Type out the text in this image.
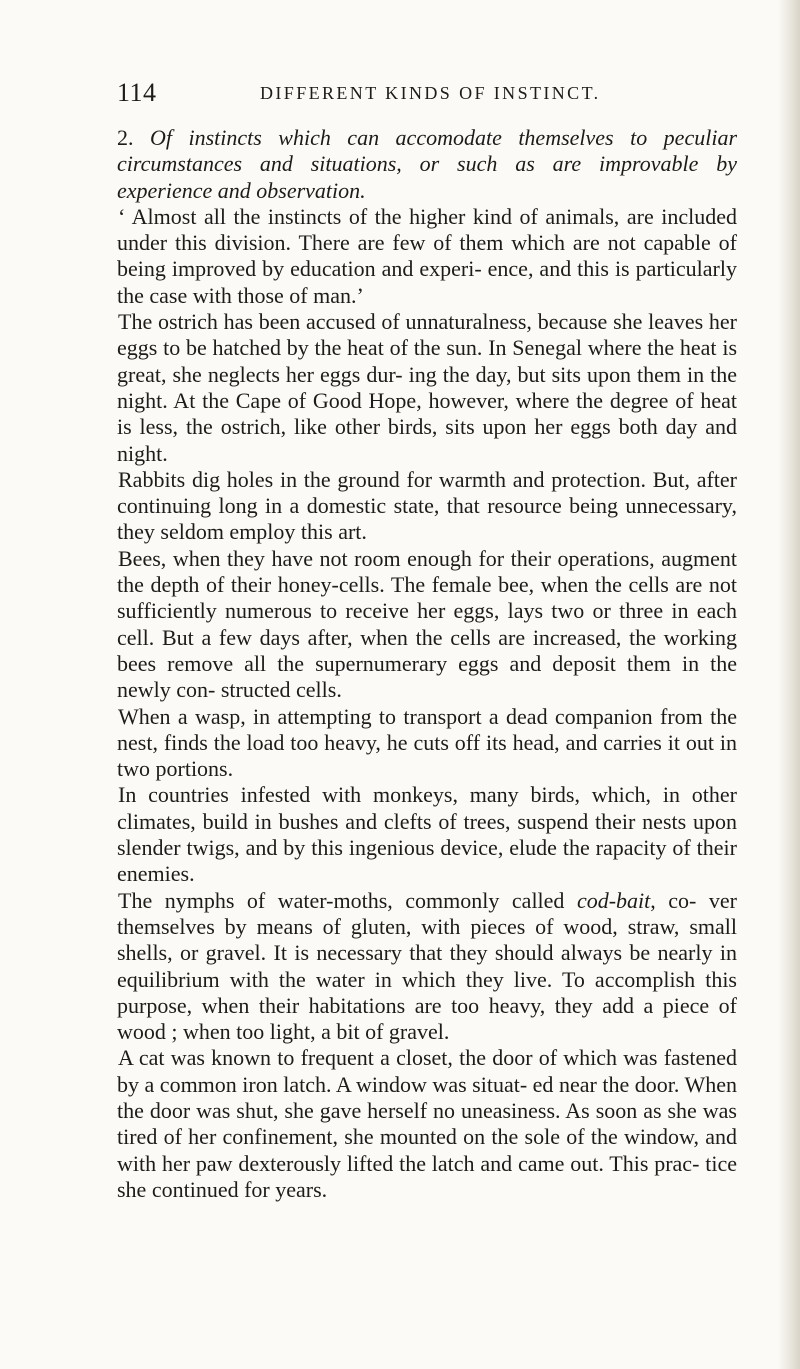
114	DIFFERENT KINDS OF INSTINCT.

2. Of instincts which can accomodate themselves to peculiar circumstances and situations, or such as are improvable by experience and observation.

‘ Almost all the instincts of the higher kind of animals, are included under this division. There are few of them which are not capable of being improved by education and experi- ence, and this is particularly the case with those of man.’

The ostrich has been accused of unnaturalness, because she leaves her eggs to be hatched by the heat of the sun. In Senegal where the heat is great, she neglects her eggs dur- ing the day, but sits upon them in the night. At the Cape of Good Hope, however, where the degree of heat is less, the ostrich, like other birds, sits upon her eggs both day and night.

Rabbits dig holes in the ground for warmth and protection. But, after continuing long in a domestic state, that resource being unnecessary, they seldom employ this art.

Bees, when they have not room enough for their operations, augment the depth of their honey-cells. The female bee, when the cells are not sufficiently numerous to receive her eggs, lays two or three in each cell. But a few days after, when the cells are increased, the working bees remove all the supernumerary eggs and deposit them in the newly con- structed cells.

When a wasp, in attempting to transport a dead companion from the nest, finds the load too heavy, he cuts off its head, and carries it out in two portions.

In countries infested with monkeys, many birds, which, in other climates, build in bushes and clefts of trees, suspend their nests upon slender twigs, and by this ingenious device, elude the rapacity of their enemies.

The nymphs of water-moths, commonly called cod-bait, co- ver themselves by means of gluten, with pieces of wood, straw, small shells, or gravel. It is necessary that they should always be nearly in equilibrium with the water in which they live. To accomplish this purpose, when their habitations are too heavy, they add a piece of wood ; when too light, a bit of gravel.

A cat was known to frequent a closet, the door of which was fastened by a common iron latch. A window was situat- ed near the door. When the door was shut, she gave herself no uneasiness. As soon as she was tired of her confinement, she mounted on the sole of the window, and with her paw dexterously lifted the latch and came out. This prac- tice she continued for years.
